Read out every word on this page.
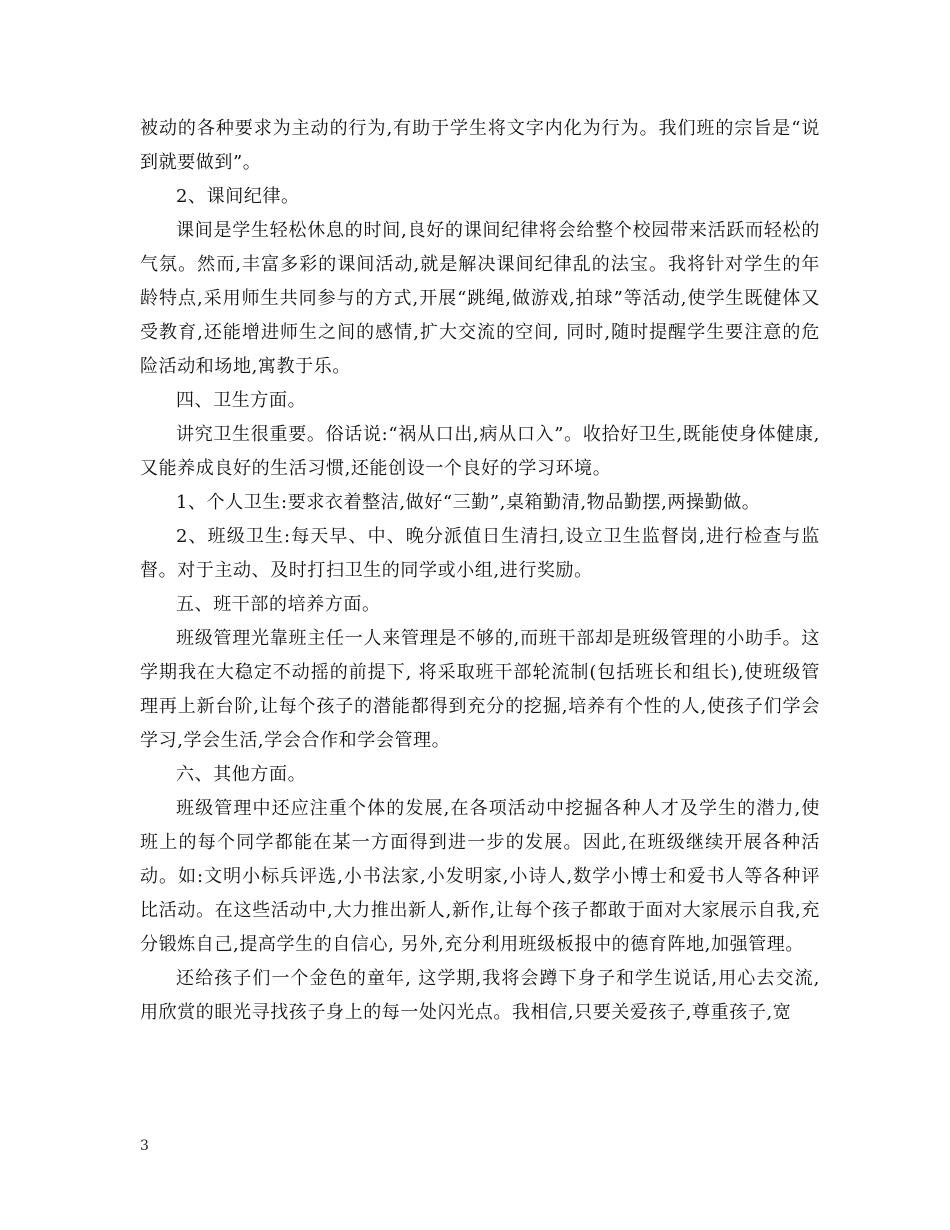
被动的各种要求为主动的行为,有助于学生将文字内化为行为。我们班的宗旨是“说到就要做到”。

2、课间纪律。

课间是学生轻松休息的时间,良好的课间纪律将会给整个校园带来活跃而轻松的气氛。然而,丰富多彩的课间活动,就是解决课间纪律乱的法宝。我将针对学生的年龄特点,采用师生共同参与的方式,开展“跳绳,做游戏,拍球”等活动,使学生既健体又受教育,还能增进师生之间的感情,扩大交流的空间, 同时,随时提醒学生要注意的危险活动和场地,寓教于乐。

四、卫生方面。

讲究卫生很重要。俗话说:“祸从口出,病从口入”。收拾好卫生,既能使身体健康,又能养成良好的生活习惯,还能创设一个良好的学习环境。

1、个人卫生:要求衣着整洁,做好“三勤”,桌箱勤清,物品勤摆,两操勤做。

2、班级卫生:每天早、中、晚分派值日生清扫,设立卫生监督岗,进行检查与监督。对于主动、及时打扫卫生的同学或小组,进行奖励。

五、班干部的培养方面。

班级管理光靠班主任一人来管理是不够的,而班干部却是班级管理的小助手。这学期我在大稳定不动摇的前提下, 将采取班干部轮流制(包括班长和组长),使班级管理再上新台阶,让每个孩子的潜能都得到充分的挖掘,培养有个性的人,使孩子们学会学习,学会生活,学会合作和学会管理。

六、其他方面。

班级管理中还应注重个体的发展,在各项活动中挖掘各种人才及学生的潜力,使班上的每个同学都能在某一方面得到进一步的发展。因此,在班级继续开展各种活动。如:文明小标兵评选,小书法家,小发明家,小诗人,数学小博士和爱书人等各种评比活动。在这些活动中,大力推出新人,新作,让每个孩子都敢于面对大家展示自我,充分锻炼自己,提高学生的自信心, 另外,充分利用班级板报中的德育阵地,加强管理。

还给孩子们一个金色的童年, 这学期,我将会蹲下身子和学生说话,用心去交流,用欣赏的眼光寻找孩子身上的每一处闪光点。我相信,只要关爱孩子,尊重孩子,宽

3
